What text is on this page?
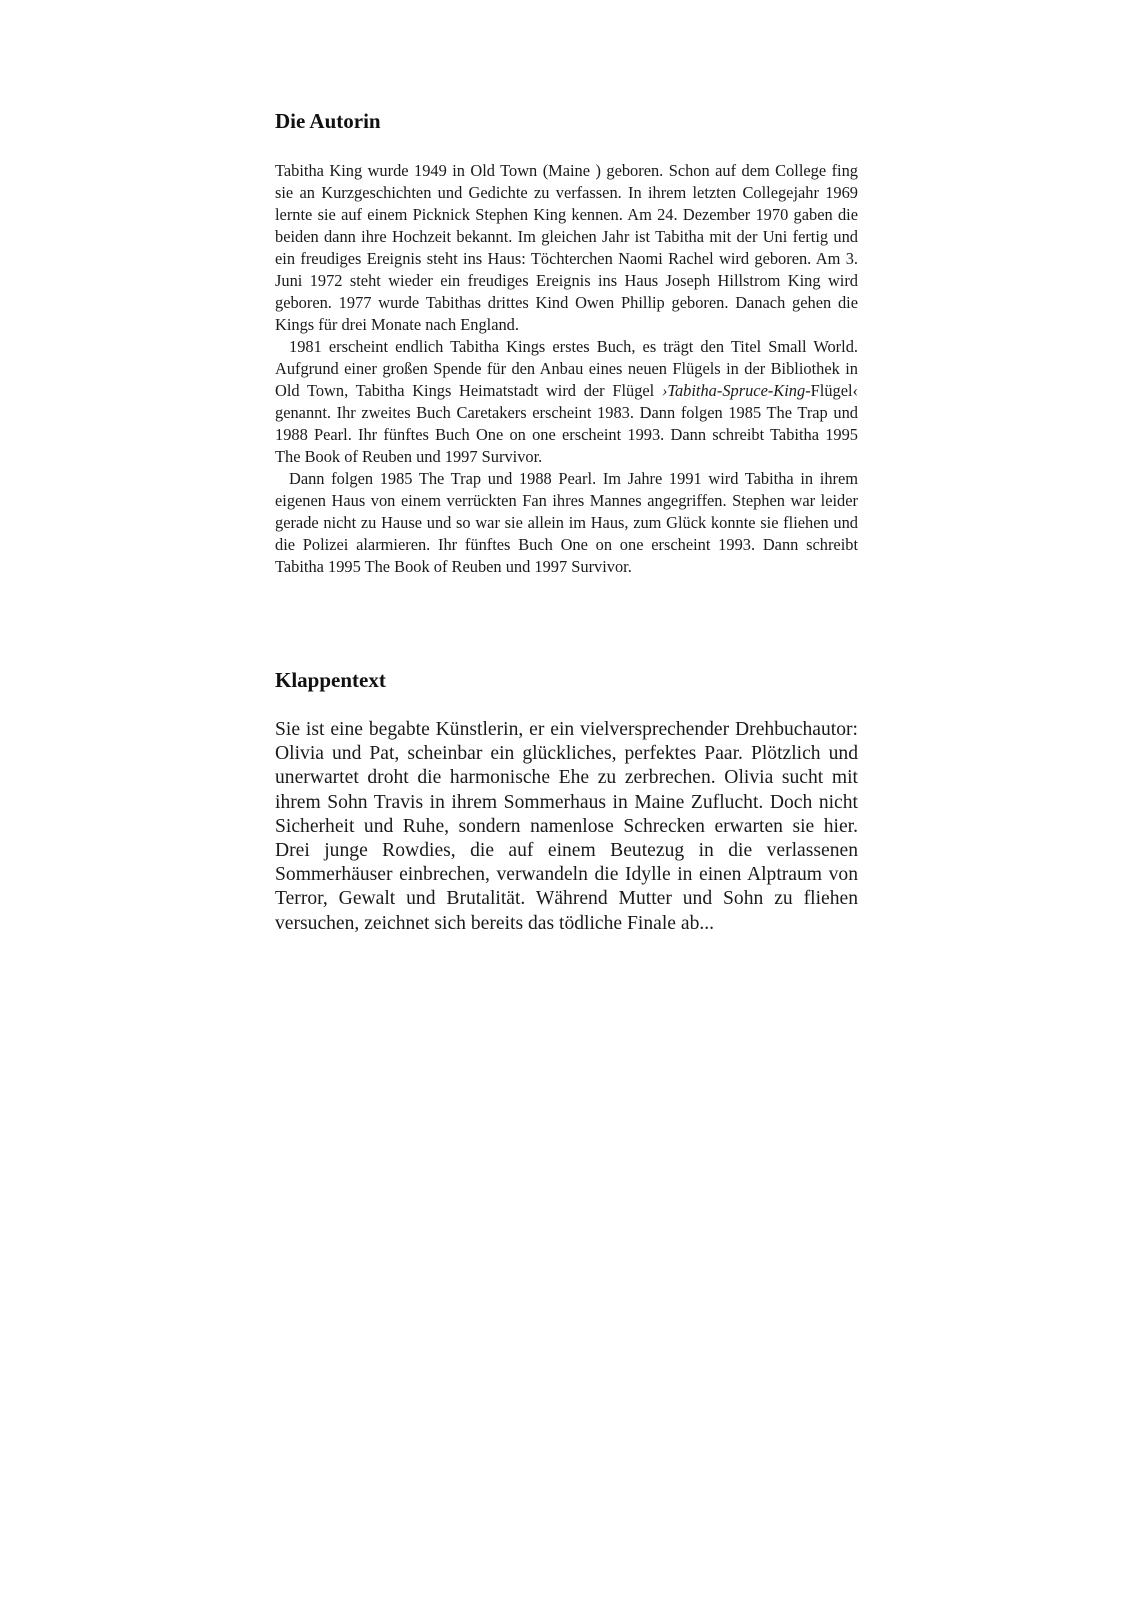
Die Autorin

Tabitha King wurde 1949 in Old Town (Maine ) geboren. Schon auf dem College fing sie an Kurzgeschichten und Gedichte zu verfassen. In ihrem letzten Collegejahr 1969 lernte sie auf einem Picknick Stephen King kennen. Am 24. Dezember 1970 gaben die beiden dann ihre Hochzeit bekannt. Im gleichen Jahr ist Tabitha mit der Uni fertig und ein freudiges Ereignis steht ins Haus: Töchterchen Naomi Rachel wird geboren. Am 3. Juni 1972 steht wieder ein freudiges Ereignis ins Haus Joseph Hillstrom King wird geboren. 1977 wurde Tabithas drittes Kind Owen Phillip geboren. Danach gehen die Kings für drei Monate nach England.

1981 erscheint endlich Tabitha Kings erstes Buch, es trägt den Titel Small World. Aufgrund einer großen Spende für den Anbau eines neuen Flügels in der Bibliothek in Old Town, Tabitha Kings Heimatstadt wird der Flügel ›Tabitha-Spruce-King-Flügel‹ genannt. Ihr zweites Buch Caretakers erscheint 1983. Dann folgen 1985 The Trap und 1988 Pearl. Ihr fünftes Buch One on one erscheint 1993. Dann schreibt Tabitha 1995 The Book of Reuben und 1997 Survivor.

Dann folgen 1985 The Trap und 1988 Pearl. Im Jahre 1991 wird Tabitha in ihrem eigenen Haus von einem verrückten Fan ihres Mannes angegriffen. Stephen war leider gerade nicht zu Hause und so war sie allein im Haus, zum Glück konnte sie fliehen und die Polizei alarmieren. Ihr fünftes Buch One on one erscheint 1993. Dann schreibt Tabitha 1995 The Book of Reuben und 1997 Survivor.

Klappentext

Sie ist eine begabte Künstlerin, er ein vielversprechender Drehbuchautor: Olivia und Pat, scheinbar ein glückliches, perfektes Paar. Plötzlich und unerwartet droht die harmonische Ehe zu zerbrechen. Olivia sucht mit ihrem Sohn Travis in ihrem Sommerhaus in Maine Zuflucht. Doch nicht Sicherheit und Ruhe, sondern namenlose Schrecken erwarten sie hier. Drei junge Rowdies, die auf einem Beutezug in die verlassenen Sommerhäuser einbrechen, verwandeln die Idylle in einen Alptraum von Terror, Gewalt und Brutalität. Während Mutter und Sohn zu fliehen versuchen, zeichnet sich bereits das tödliche Finale ab...
